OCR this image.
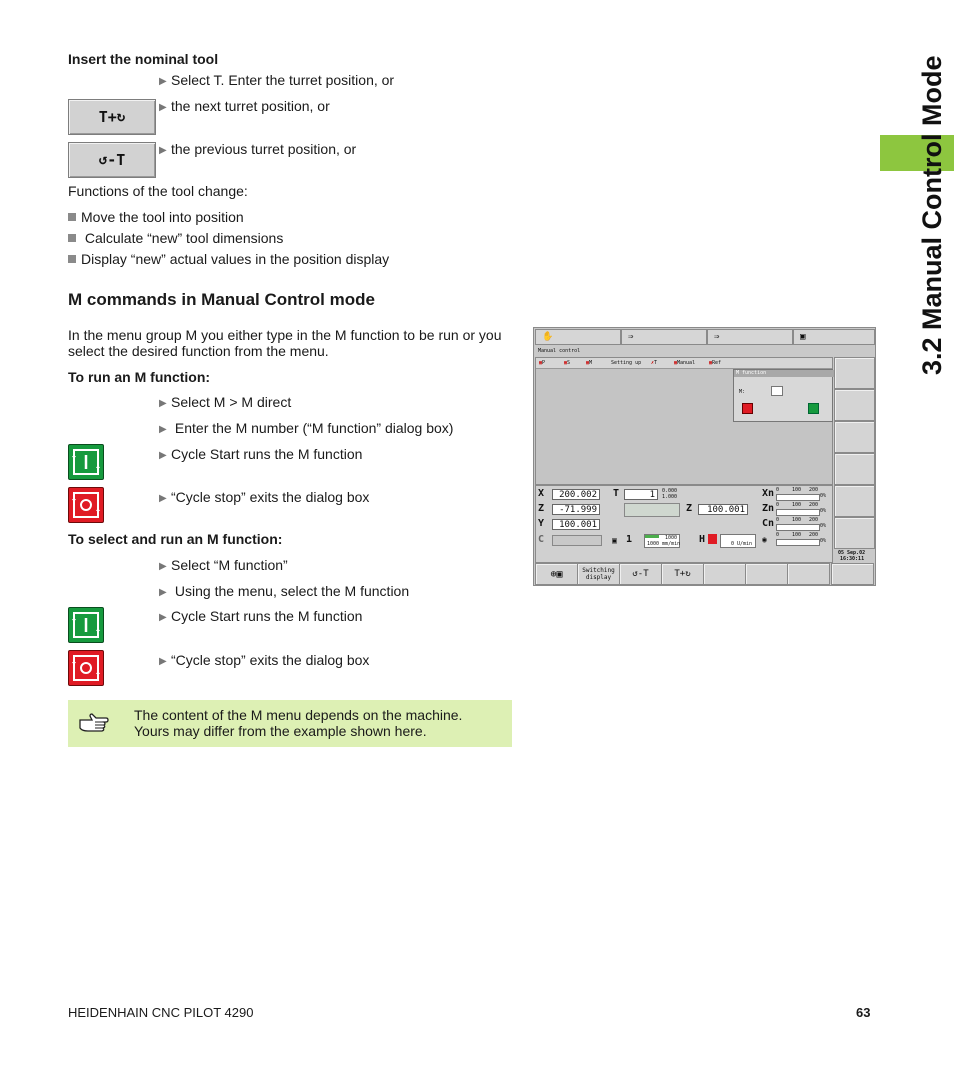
3.2 Manual Control Mode
Insert the nominal tool
▶ Select T. Enter the turret position, or
T+ ↻
▶ the next turret position, or
↺ -T
▶ the previous turret position, or
Functions of the tool change:
Move the tool into position
Calculate “new” tool dimensions
Display “new” actual values in the position display
M commands in Manual Control mode
In the menu group M you either type in the M function to be run or you
select the desired function from the menu.
To run an M function:
▶ Select M > M direct
▶ Enter the M number (“M function” dialog box)
▶ Cycle Start runs the M function
▶ “Cycle stop” exits the dialog box
To select and run an M function:
▶ Select “M function”
▶ Using the menu, select the M function
▶ Cycle Start runs the M function
▶ “Cycle stop” exits the dialog box
The content of the M menu depends on the machine.
Yours may differ from the example shown here.
✋	⇒	⇒	▣
Manual control
▦P	▦S	▦M	Setting up ✗T	▦Manual	▦Ref
M function
M:
X	200.002
Z	-71.999
Y	100.001
C
T	1	0.000
1.000
Z	100.001
▣ 1	1000
1000 mm/min H	0 U/min
Xn	0%
0	100 200
Zn	0%
0	100 200
Cn	0%
0	100 200
◉	0%
0	100 200
05 Sep.02
16:30:11
⊕▣	Switching
display	↺ -T	T+ ↻
HEIDENHAIN CNC PILOT 4290	63
